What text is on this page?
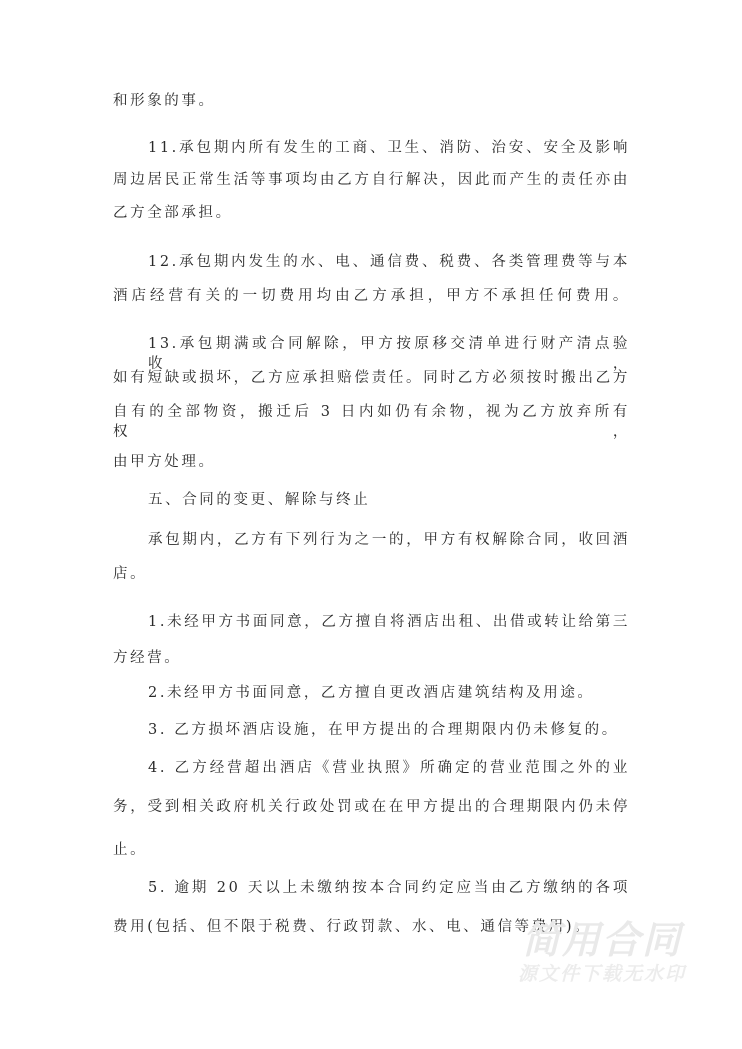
和形象的事。
11.承包期内所有发生的工商、卫生、消防、治安、安全及影响
周边居民正常生活等事项均由乙方自行解决，因此而产生的责任亦由
乙方全部承担。
12.承包期内发生的水、电、通信费、税费、各类管理费等与本
酒店经营有关的一切费用均由乙方承担，甲方不承担任何费用。
13.承包期满或合同解除，甲方按原移交清单进行财产清点验收，
如有短缺或损坏，乙方应承担赔偿责任。同时乙方必须按时搬出乙方
自有的全部物资，搬迁后 3 日内如仍有余物，视为乙方放弃所有权，
由甲方处理。
五、合同的变更、解除与终止
承包期内，乙方有下列行为之一的，甲方有权解除合同，收回酒
店。
1.未经甲方书面同意，乙方擅自将酒店出租、出借或转让给第三
方经营。
2.未经甲方书面同意，乙方擅自更改酒店建筑结构及用途。
3. 乙方损坏酒店设施，在甲方提出的合理期限内仍未修复的。
4. 乙方经营超出酒店《营业执照》所确定的营业范围之外的业
务，受到相关政府机关行政处罚或在在甲方提出的合理期限内仍未停
止。
5. 逾期 20 天以上未缴纳按本合同约定应当由乙方缴纳的各项
费用(包括、但不限于税费、行政罚款、水、电、通信等费用)。
简用合同
源文件下载无水印
